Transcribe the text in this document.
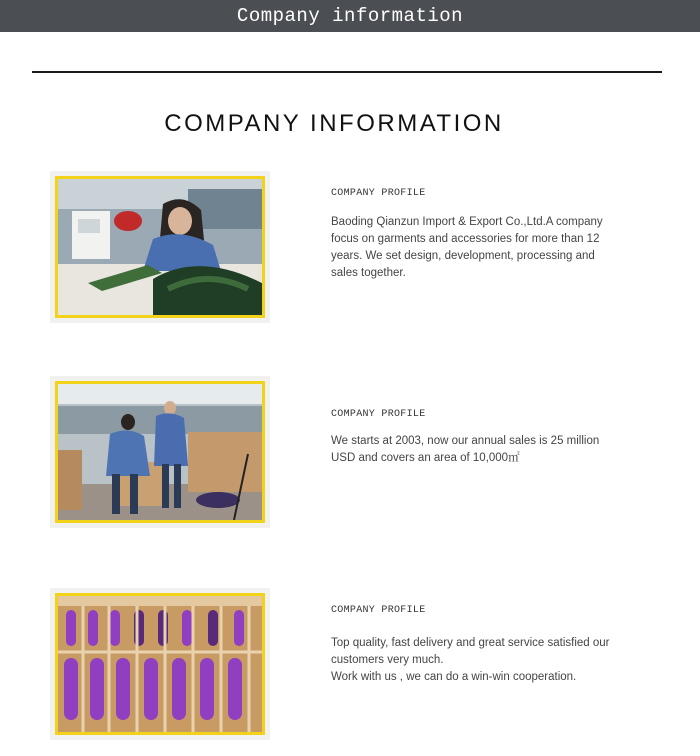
Company information
COMPANY INFORMATION
COMPANY PROFILE

Baoding Qianzun Import & Export Co.,Ltd.A company focus on garments and accessories for more than 12 years. We set design, development, processing and sales together.

COMPANY PROFILE

We starts at 2003, now our annual sales is 25 million USD and covers an area of 10,000㎡

COMPANY PROFILE

Top quality, fast delivery and great service satisfied our customers very much.

Work with us , we can do a win-win cooperation.
